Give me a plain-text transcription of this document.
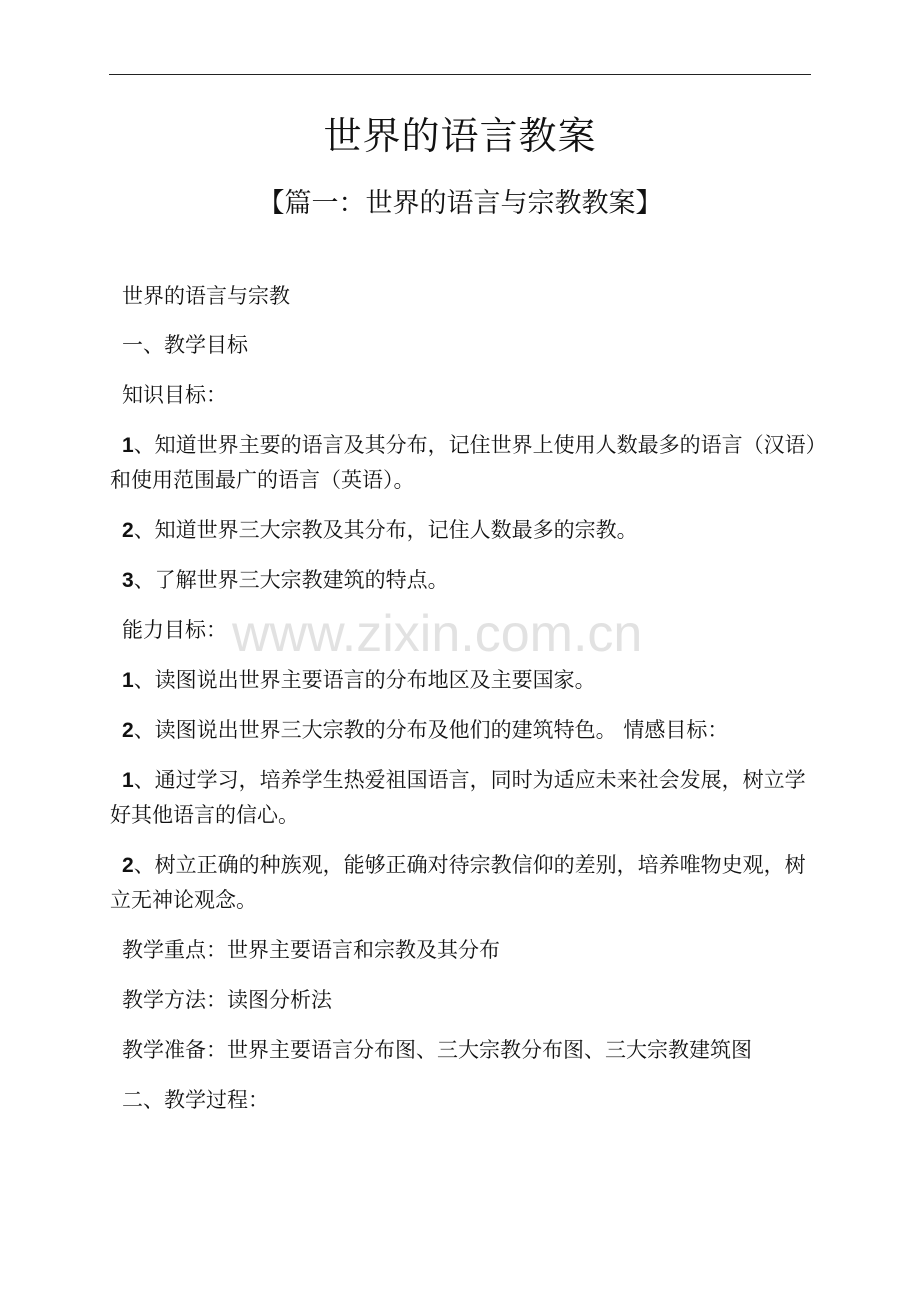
世界的语言教案
【篇一：世界的语言与宗教教案】
www.zixin.com.cn

世界的语言与宗教

一、教学目标

知识目标：

1、知道世界主要的语言及其分布，记住世界上使用人数最多的语言（汉语）和使用范围最广的语言（英语）。

2、知道世界三大宗教及其分布，记住人数最多的宗教。

3、了解世界三大宗教建筑的特点。

能力目标：

1、读图说出世界主要语言的分布地区及主要国家。

2、读图说出世界三大宗教的分布及他们的建筑特色。 情感目标：

1、通过学习，培养学生热爱祖国语言，同时为适应未来社会发展，树立学好其他语言的信心。

2、树立正确的种族观，能够正确对待宗教信仰的差别，培养唯物史观，树立无神论观念。

教学重点：世界主要语言和宗教及其分布

教学方法：读图分析法

教学准备：世界主要语言分布图、三大宗教分布图、三大宗教建筑图

二、教学过程：
